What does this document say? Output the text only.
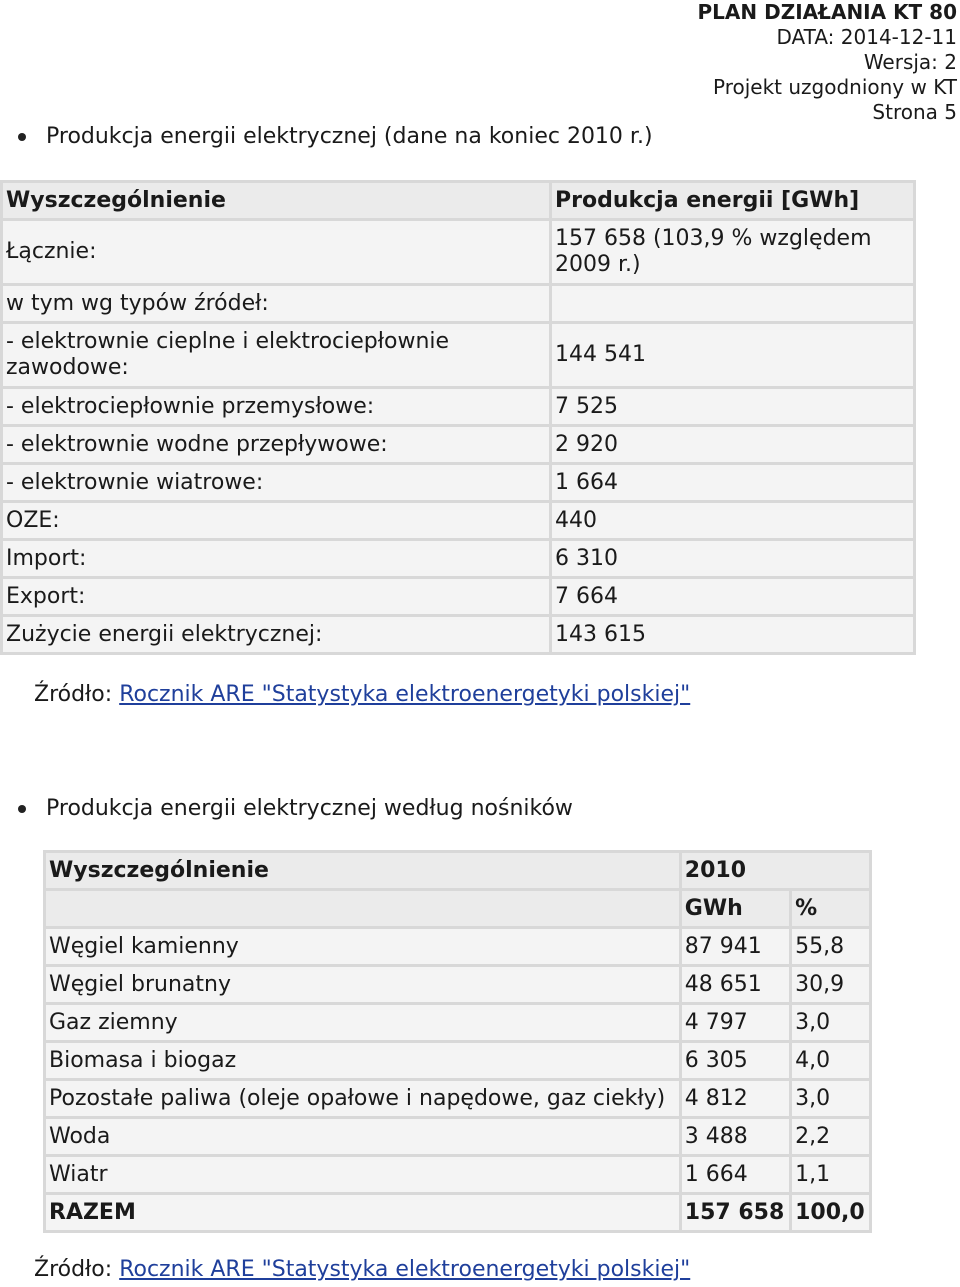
PLAN DZIAŁANIA KT 80
DATA: 2014-12-11
Wersja: 2
Projekt uzgodniony w KT
Strona 5
Produkcja energii elektrycznej (dane na koniec 2010 r.)
Wyszczególnienie	Produkcja energii [GWh]
Łącznie:	157 658 (103,9 % względem 2009 r.)
w tym wg typów źródeł:	
- elektrownie cieplne i elektrociepłownie zawodowe:	144 541
- elektrociepłownie przemysłowe:	7 525
- elektrownie wodne przepływowe:	2 920
- elektrownie wiatrowe:	1 664
OZE:	440
Import:	6 310
Export:	7 664
Zużycie energii elektrycznej:	143 615
Źródło: Rocznik ARE "Statystyka elektroenergetyki polskiej"
Produkcja energii elektrycznej według nośników
Wyszczególnienie	2010	
	GWh	%
Węgiel kamienny	87 941	55,8
Węgiel brunatny	48 651	30,9
Gaz ziemny	4 797	3,0
Biomasa i biogaz	6 305	4,0
Pozostałe paliwa (oleje opałowe i napędowe, gaz ciekły)	4 812	3,0
Woda	3 488	2,2
Wiatr	1 664	1,1
RAZEM	157 658	100,0
Źródło: Rocznik ARE "Statystyka elektroenergetyki polskiej"
